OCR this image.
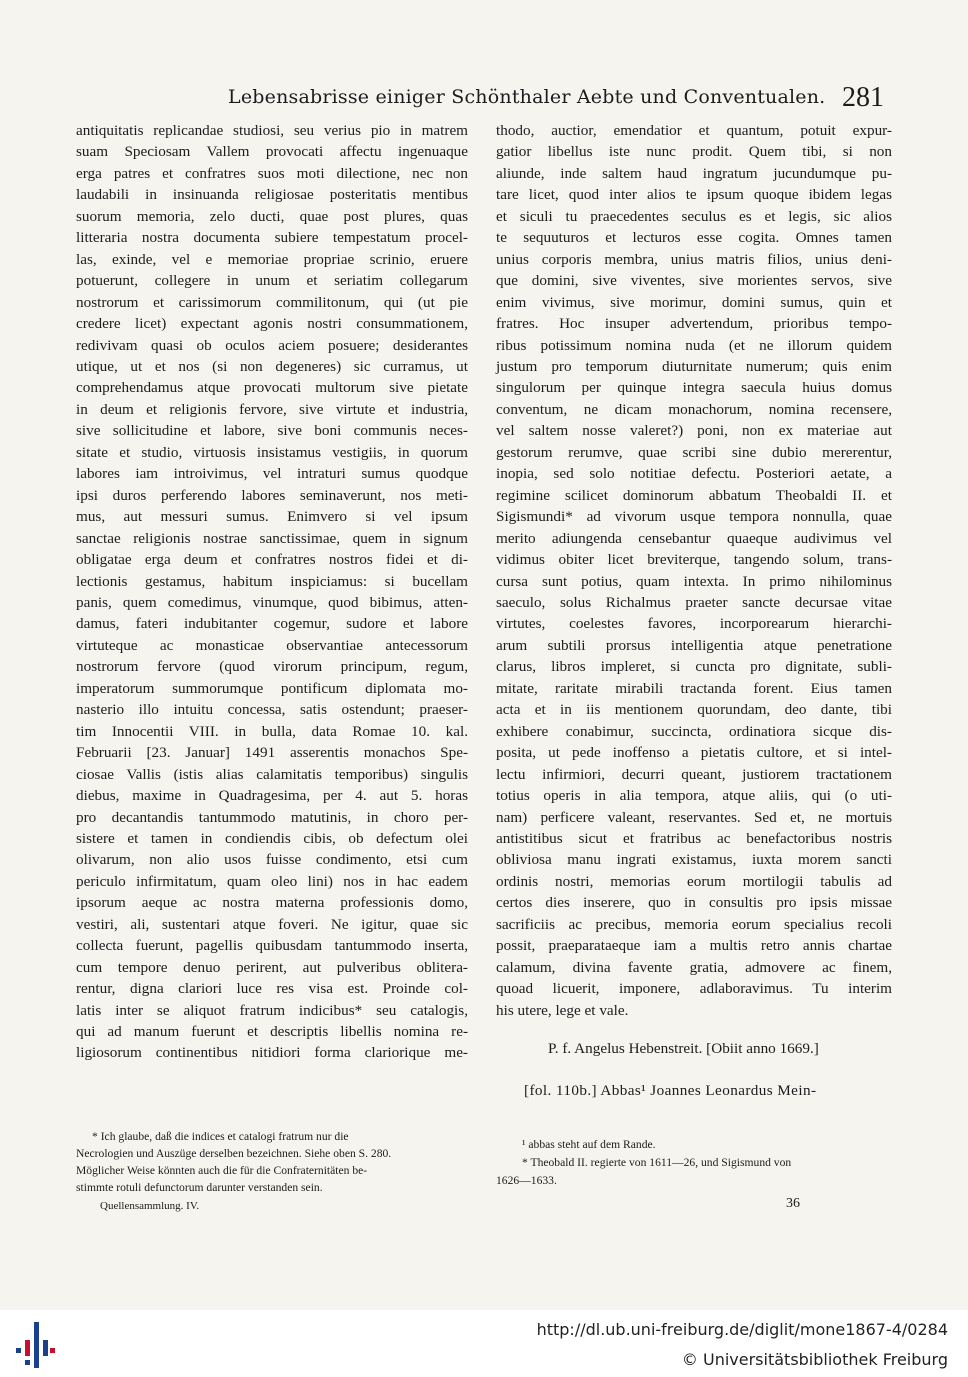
Lebensabrisse einiger Schönthaler Aebte und Conventualen. 281
antiquitatis replicandae studiosi, seu verius pio in matrem
suam Speciosam Vallem provocati affectu ingenuaque
erga patres et confratres suos moti dilectione, nec non
laudabili in insinuanda religiosae posteritatis mentibus
suorum memoria, zelo ducti, quae post plures, quas
litteraria nostra documenta subiere tempestatum procel-
las, exinde, vel e memoriae propriae scrinio, eruere
potuerunt, collegere in unum et seriatim collegarum
nostrorum et carissimorum commilitonum, qui (ut pie
credere licet) expectant agonis nostri consummationem,
redivivam quasi ob oculos aciem posuere; desiderantes
utique, ut et nos (si non degeneres) sic curramus, ut
comprehendamus atque provocati multorum sive pietate
in deum et religionis fervore, sive virtute et industria,
sive sollicitudine et labore, sive boni communis neces-
sitate et studio, virtuosis insistamus vestigiis, in quorum
labores iam introivimus, vel intraturi sumus quodque
ipsi duros perferendo labores seminaverunt, nos meti-
mus, aut messuri sumus. Enimvero si vel ipsum
sanctae religionis nostrae sanctissimae, quem in signum
obligatae erga deum et confratres nostros fidei et di-
lectionis gestamus, habitum inspiciamus: si bucellam
panis, quem comedimus, vinumque, quod bibimus, atten-
damus, fateri indubitanter cogemur, sudore et labore
virtuteque ac monasticae observantiae antecessorum
nostrorum fervore (quod virorum principum, regum,
imperatorum summorumque pontificum diplomata mo-
nasterio illo intuitu concessa, satis ostendunt; praeser-
tim Innocentii VIII. in bulla, data Romae 10. kal.
Februarii [23. Januar] 1491 asserentis monachos Spe-
ciosae Vallis (istis alias calamitatis temporibus) singulis
diebus, maxime in Quadragesima, per 4. aut 5. horas
pro decantandis tantummodo matutinis, in choro per-
sistere et tamen in condiendis cibis, ob defectum olei
olivarum, non alio usos fuisse condimento, etsi cum
periculo infirmitatum, quam oleo lini) nos in hac eadem
ipsorum aeque ac nostra materna professionis domo,
vestiri, ali, sustentari atque foveri. Ne igitur, quae sic
collecta fuerunt, pagellis quibusdam tantummodo inserta,
cum tempore denuo perirent, aut pulveribus oblitera-
rentur, digna clariori luce res visa est. Proinde col-
latis inter se aliquot fratrum indicibus* seu catalogis,
qui ad manum fuerunt et descriptis libellis nomina re-
ligiosorum continentibus nitidiori forma clariorique me-
thodo, auctior, emendatior et quantum, potuit expur-
gatior libellus iste nunc prodit. Quem tibi, si non
aliunde, inde saltem haud ingratum jucundumque pu-
tare licet, quod inter alios te ipsum quoque ibidem legas
et siculi tu praecedentes seculus es et legis, sic alios
te sequuturos et lecturos esse cogita. Omnes tamen
unius corporis membra, unius matris filios, unius deni-
que domini, sive viventes, sive morientes servos, sive
enim vivimus, sive morimur, domini sumus, quin et
fratres. Hoc insuper advertendum, prioribus tempo-
ribus potissimum nomina nuda (et ne illorum quidem
justum pro temporum diuturnitate numerum; quis enim
singulorum per quinque integra saecula huius domus
conventum, ne dicam monachorum, nomina recensere,
vel saltem nosse valeret?) poni, non ex materiae aut
gestorum rerumve, quae scribi sine dubio mererentur,
inopia, sed solo notitiae defectu. Posteriori aetate, a
regimine scilicet dominorum abbatum Theobaldi II. et
Sigismundi* ad vivorum usque tempora nonnulla, quae
merito adiungenda censebantur quaeque audivimus vel
vidimus obiter licet breviterque, tangendo solum, trans-
cursa sunt potius, quam intexta. In primo nihilominus
saeculo, solus Richalmus praeter sancte decursae vitae
virtutes, coelestes favores, incorporearum hierarchi-
arum subtili prorsus intelligentia atque penetratione
clarus, libros impleret, si cuncta pro dignitate, subli-
mitate, raritate mirabili tractanda forent. Eius tamen
acta et in iis mentionem quorundam, deo dante, tibi
exhibere conabimur, succincta, ordinatiora sicque dis-
posita, ut pede inoffenso a pietatis cultore, et si intel-
lectu infirmiori, decurri queant, justiorem tractationem
totius operis in alia tempora, atque aliis, qui (o uti-
nam) perficere valeant, reservantes. Sed et, ne mortuis
antistitibus sicut et fratribus ac benefactoribus nostris
obliviosa manu ingrati existamus, iuxta morem sancti
ordinis nostri, memorias eorum mortilogii tabulis ad
certos dies inserere, quo in consultis pro ipsis missae
sacrificiis ac precibus, memoria eorum specialius recoli
possit, praeparataeque iam a multis retro annis chartae
calamum, divina favente gratia, admovere ac finem,
quoad licuerit, imponere, adlaboravimus. Tu interim
his utere, lege et vale.
P. f. Angelus Hebenstreit. [Obiit anno 1669.]
[fol. 110b.] Abbas¹ Joannes Leonardus Mein-
* Ich glaube, daß die indices et catalogi fratrum nur die
Necrologien und Auszüge derselben bezeichnen. Siehe oben S. 280.
Möglicher Weise könnten auch die für die Confraternitäten be-
stimmte rotuli defunctorum darunter verstanden sein.
Quellensammlung. IV.
¹ abbas steht auf dem Rande.
* Theobald II. regierte von 1611—26, und Sigismund von
1626—1633.
36
http://dl.ub.uni-freiburg.de/diglit/mone1867-4/0284
© Universitätsbibliothek Freiburg
